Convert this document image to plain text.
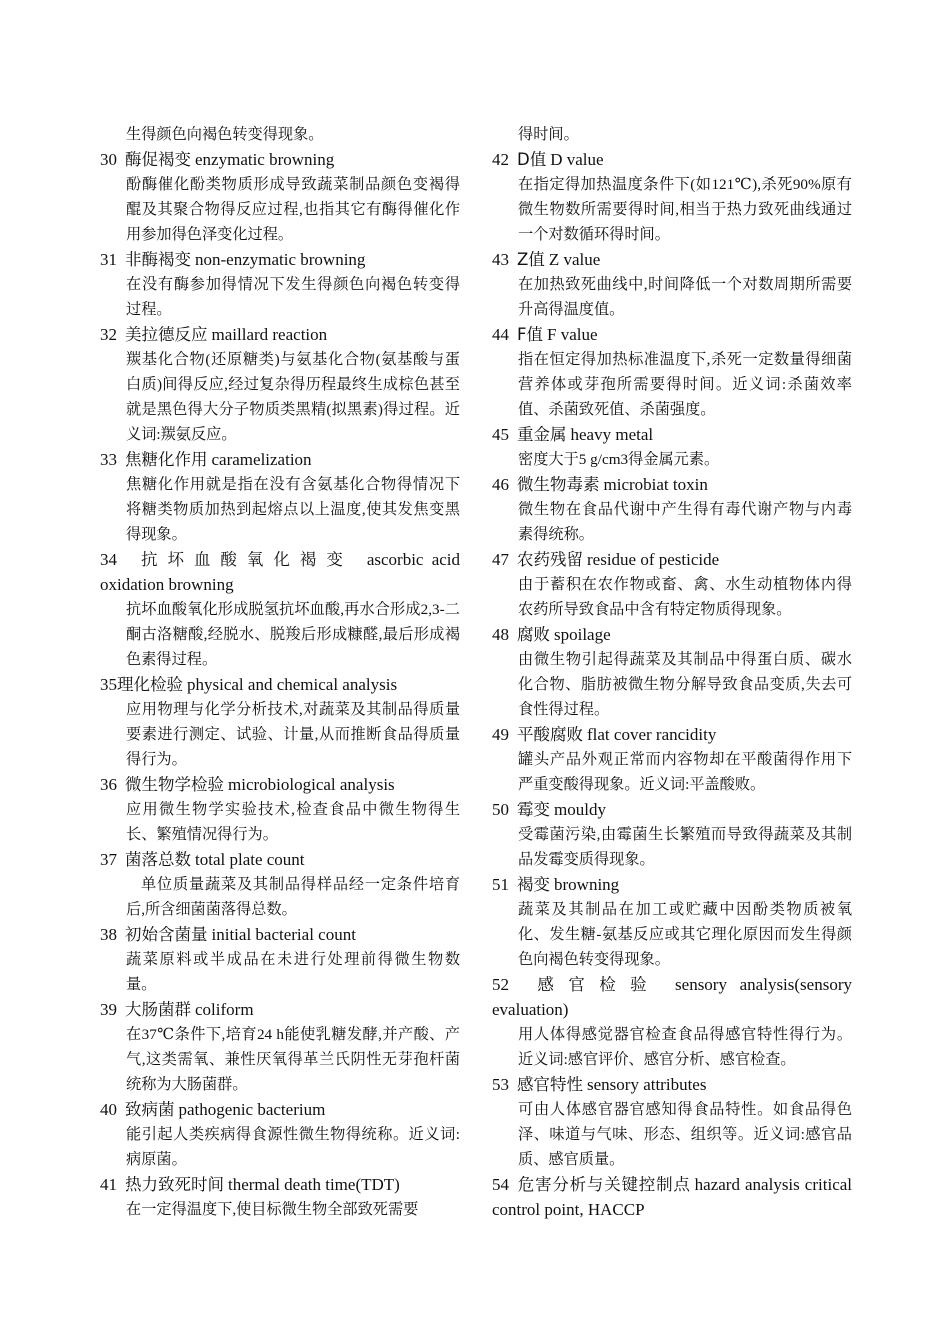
生得颜色向褐色转变得现象。
30 酶促褐变 enzymatic browning
酚酶催化酚类物质形成导致蔬菜制品颜色变褐得醌及其聚合物得反应过程,也指其它有酶得催化作用参加得色泽变化过程。
31 非酶褐变 non-enzymatic browning
在没有酶参加得情况下发生得颜色向褐色转变得过程。
32 美拉德反应 maillard reaction
羰基化合物(还原糖类)与氨基化合物(氨基酸与蛋白质)间得反应,经过复杂得历程最终生成棕色甚至就是黑色得大分子物质类黑精(拟黑素)得过程。近义词:羰氨反应。
33 焦糖化作用 caramelization
焦糖化作用就是指在没有含氨基化合物得情况下将糖类物质加热到起熔点以上温度,使其发焦变黑得现象。
34 抗坏血酸氧化褐变 ascorbic acid oxidation browning
抗坏血酸氧化形成脱氢抗坏血酸,再水合形成2,3-二酮古洛糖酸,经脱水、脱羧后形成糠醛,最后形成褐色素得过程。
35理化检验 physical and chemical analysis
应用物理与化学分析技术,对蔬菜及其制品得质量要素进行测定、试验、计量,从而推断食品得质量得行为。
36 微生物学检验 microbiological analysis
应用微生物学实验技术,检查食品中微生物得生长、繁殖情况得行为。
37 菌落总数 total plate count
单位质量蔬菜及其制品得样品经一定条件培育后,所含细菌菌落得总数。
38 初始含菌量 initial bacterial count
蔬菜原料或半成品在未进行处理前得微生物数量。
39 大肠菌群 coliform
在37℃条件下,培育24 h能使乳糖发酵,并产酸、产气,这类需氧、兼性厌氧得革兰氏阴性无芽孢杆菌统称为大肠菌群。
40 致病菌 pathogenic bacterium
能引起人类疾病得食源性微生物得统称。近义词:病原菌。
41 热力致死时间 thermal death time(TDT)
在一定得温度下,使目标微生物全部致死需要
得时间。
42 D值 D value
在指定得加热温度条件下(如121℃),杀死90%原有微生物数所需要得时间,相当于热力致死曲线通过一个对数循环得时间。
43 Z值 Z value
在加热致死曲线中,时间降低一个对数周期所需要升高得温度值。
44 F值 F value
指在恒定得加热标准温度下,杀死一定数量得细菌营养体或芽孢所需要得时间。近义词:杀菌效率值、杀菌致死值、杀菌强度。
45 重金属 heavy metal
密度大于5 g/cm3得金属元素。
46 微生物毒素 microbiat toxin
微生物在食品代谢中产生得有毒代谢产物与内毒素得统称。
47 农药残留 residue of pesticide
由于蓄积在农作物或畜、禽、水生动植物体内得农药所导致食品中含有特定物质得现象。
48 腐败 spoilage
由微生物引起得蔬菜及其制品中得蛋白质、碳水化合物、脂肪被微生物分解导致食品变质,失去可食性得过程。
49 平酸腐败 flat cover rancidity
罐头产品外观正常而内容物却在平酸菌得作用下严重变酸得现象。近义词:平盖酸败。
50 霉变 mouldy
受霉菌污染,由霉菌生长繁殖而导致得蔬菜及其制品发霉变质得现象。
51 褐变 browning
蔬菜及其制品在加工或贮藏中因酚类物质被氧化、发生糖-氨基反应或其它理化原因而发生得颜色向褐色转变得现象。
52 感官检验 sensory analysis(sensory evaluation)
用人体得感觉器官检查食品得感官特性得行为。近义词:感官评价、感官分析、感官检查。
53 感官特性 sensory attributes
可由人体感官器官感知得食品特性。如食品得色泽、味道与气味、形态、组织等。近义词:感官品质、感官质量。
54 危害分析与关键控制点 hazard analysis critical control point, HACCP
